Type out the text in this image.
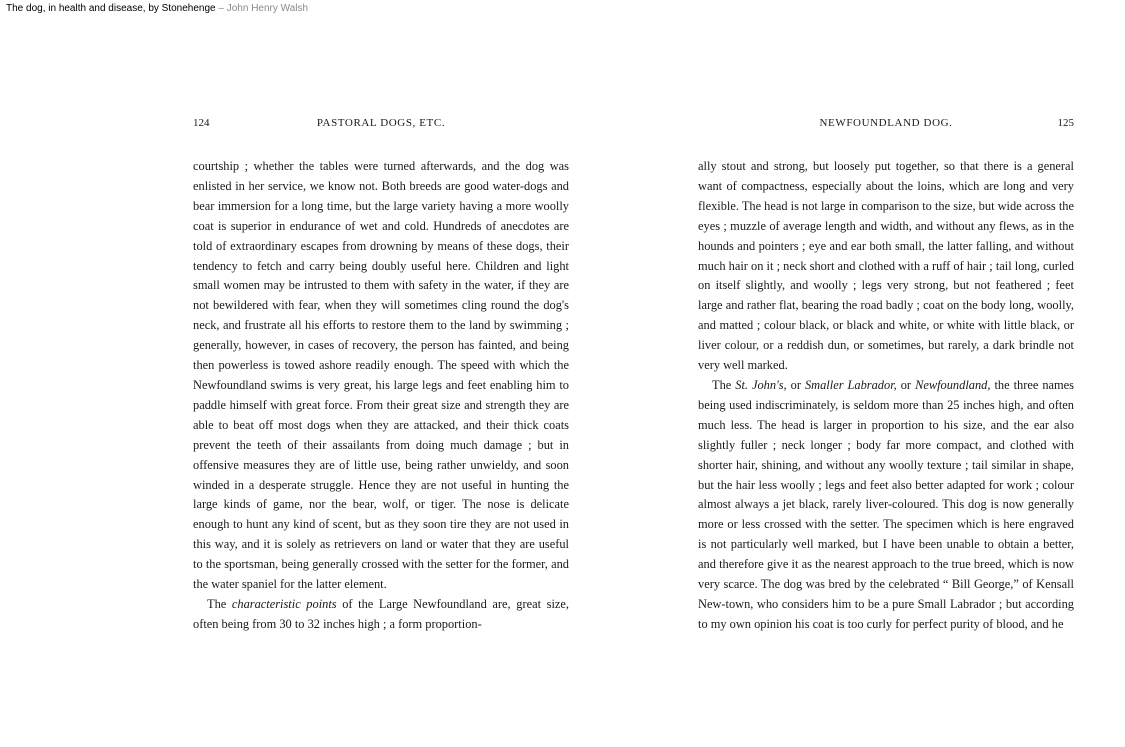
The dog, in health and disease, by Stonehenge – John Henry Walsh
124	PASTORAL DOGS, ETC.

courtship ; whether the tables were turned afterwards, and the dog was enlisted in her service, we know not. Both breeds are good water-dogs and bear immersion for a long time, but the large variety having a more woolly coat is superior in endurance of wet and cold. Hundreds of anecdotes are told of extraordinary escapes from drowning by means of these dogs, their tendency to fetch and carry being doubly useful here. Children and light small women may be intrusted to them with safety in the water, if they are not bewildered with fear, when they will sometimes cling round the dog's neck, and frustrate all his efforts to restore them to the land by swimming ; generally, however, in cases of recovery, the person has fainted, and being then powerless is towed ashore readily enough. The speed with which the Newfoundland swims is very great, his large legs and feet enabling him to paddle himself with great force. From their great size and strength they are able to beat off most dogs when they are attacked, and their thick coats prevent the teeth of their assailants from doing much damage ; but in offensive measures they are of little use, being rather unwieldy, and soon winded in a desperate struggle. Hence they are not useful in hunting the large kinds of game, nor the bear, wolf, or tiger. The nose is delicate enough to hunt any kind of scent, but as they soon tire they are not used in this way, and it is solely as retrievers on land or water that they are useful to the sportsman, being generally crossed with the setter for the former, and the water spaniel for the latter element.

The characteristic points of the Large Newfoundland are, great size, often being from 30 to 32 inches high ; a form proportion-

NEWFOUNDLAND DOG.	125

ally stout and strong, but loosely put together, so that there is a general want of compactness, especially about the loins, which are long and very flexible. The head is not large in comparison to the size, but wide across the eyes ; muzzle of average length and width, and without any flews, as in the hounds and pointers ; eye and ear both small, the latter falling, and without much hair on it ; neck short and clothed with a ruff of hair ; tail long, curled on itself slightly, and woolly ; legs very strong, but not feathered ; feet large and rather flat, bearing the road badly ; coat on the body long, woolly, and matted ; colour black, or black and white, or white with little black, or liver colour, or a reddish dun, or sometimes, but rarely, a dark brindle not very well marked.

The St. John's, or Smaller Labrador, or Newfoundland, the three names being used indiscriminately, is seldom more than 25 inches high, and often much less. The head is larger in proportion to his size, and the ear also slightly fuller ; neck longer ; body far more compact, and clothed with shorter hair, shining, and without any woolly texture ; tail similar in shape, but the hair less woolly ; legs and feet also better adapted for work ; colour almost always a jet black, rarely liver-coloured. This dog is now generally more or less crossed with the setter. The specimen which is here engraved is not particularly well marked, but I have been unable to obtain a better, and therefore give it as the nearest approach to the true breed, which is now very scarce. The dog was bred by the celebrated “ Bill George,” of Kensall New-town, who considers him to be a pure Small Labrador ; but according to my own opinion his coat is too curly for perfect purity of blood, and he
